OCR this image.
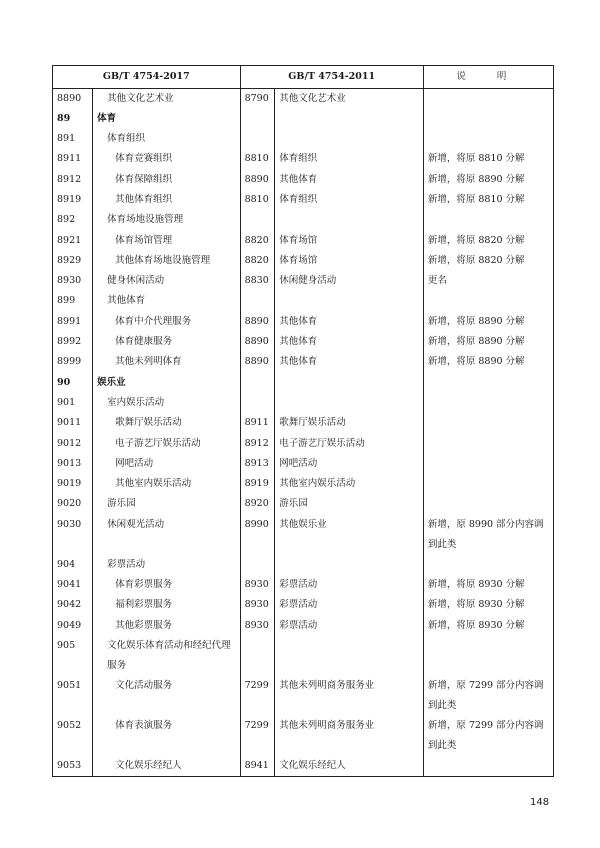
GB/T 4754-2017		GB/T 4754-2011		说 明
8890	其他文化艺术业	8790	其他文化艺术业	
89	体育			
891	体育组织			
8911	体育竞赛组织	8810	体育组织	新增，将原 8810 分解
8912	体育保障组织	8890	其他体育	新增，将原 8890 分解
8919	其他体育组织	8810	体育组织	新增，将原 8810 分解
892	体育场地设施管理			
8921	体育场馆管理	8820	体育场馆	新增，将原 8820 分解
8929	其他体育场地设施管理	8820	体育场馆	新增，将原 8820 分解
8930	健身休闲活动	8830	休闲健身活动	更名
899	其他体育			
8991	体育中介代理服务	8890	其他体育	新增，将原 8890 分解
8992	体育健康服务	8890	其他体育	新增，将原 8890 分解
8999	其他未列明体育	8890	其他体育	新增，将原 8890 分解
90	娱乐业			
901	室内娱乐活动			
9011	歌舞厅娱乐活动	8911	歌舞厅娱乐活动	
9012	电子游艺厅娱乐活动	8912	电子游艺厅娱乐活动	
9013	网吧活动	8913	网吧活动	
9019	其他室内娱乐活动	8919	其他室内娱乐活动	
9020	游乐园	8920	游乐园	
9030	休闲观光活动	8990	其他娱乐业	新增，原 8990 部分内容调到此类
904	彩票活动			
9041	体育彩票服务	8930	彩票活动	新增，将原 8930 分解
9042	福利彩票服务	8930	彩票活动	新增，将原 8930 分解
9049	其他彩票服务	8930	彩票活动	新增，将原 8930 分解
905	文化娱乐体育活动和经纪代理服务			
9051	文化活动服务	7299	其他未列明商务服务业	新增，原 7299 部分内容调到此类
9052	体育表演服务	7299	其他未列明商务服务业	新增，原 7299 部分内容调到此类
9053	文化娱乐经纪人	8941	文化娱乐经纪人	
148
